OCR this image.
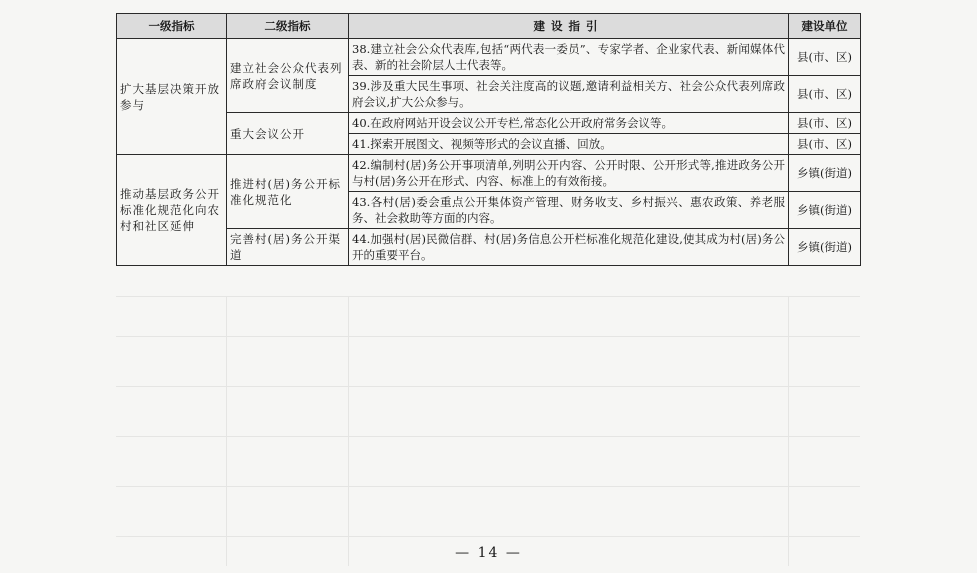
一级指标	二级指标	建设指引	建设单位
扩大基层决策开放参与	建立社会公众代表列席政府会议制度	38.建立社会公众代表库,包括“两代表一委员”、专家学者、企业家代表、新闻媒体代表、新的社会阶层人士代表等。	县(市、区)
		39.涉及重大民生事项、社会关注度高的议题,邀请利益相关方、社会公众代表列席政府会议,扩大公众参与。	县(市、区)
	重大会议公开	40.在政府网站开设会议公开专栏,常态化公开政府常务会议等。	县(市、区)
		41.探索开展图文、视频等形式的会议直播、回放。	县(市、区)
推动基层政务公开标准化规范化向农村和社区延伸	推进村(居)务公开标准化规范化	42.编制村(居)务公开事项清单,列明公开内容、公开时限、公开形式等,推进政务公开与村(居)务公开在形式、内容、标准上的有效衔接。	乡镇(街道)
		43.各村(居)委会重点公开集体资产管理、财务收支、乡村振兴、惠农政策、养老服务、社会救助等方面的内容。	乡镇(街道)
	完善村(居)务公开渠道	44.加强村(居)民微信群、村(居)务信息公开栏标准化规范化建设,使其成为村(居)务公开的重要平台。	乡镇(街道)
— 14 —
